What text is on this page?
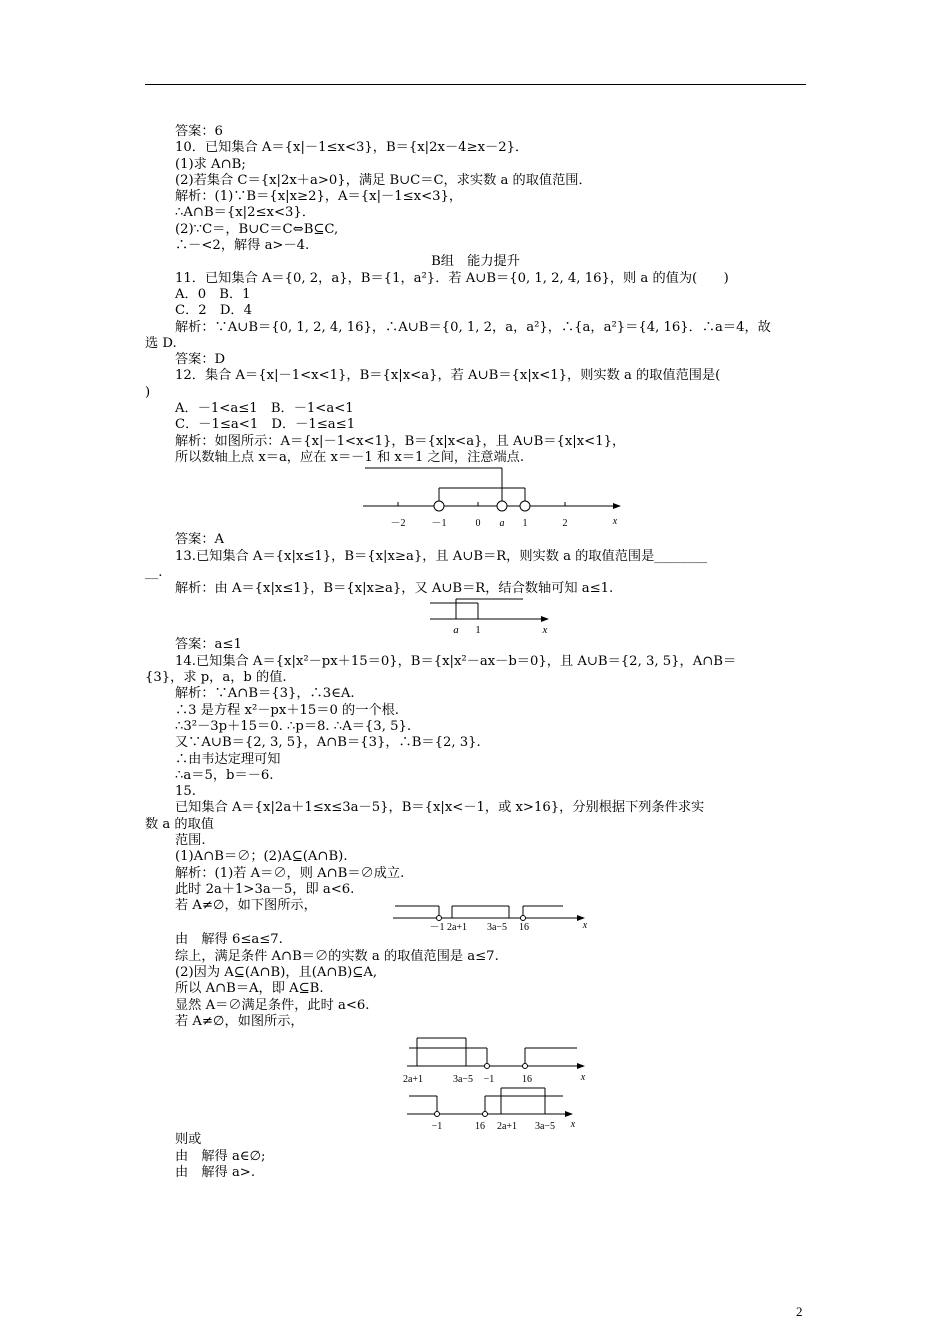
答案：6
10．已知集合 A＝{x|－1≤x<3}，B＝{x|2x－4≥x－2}．
(1)求 A∩B;
(2)若集合 C＝{x|2x＋a>0}，满足 B∪C＝C，求实数 a 的取值范围．
解析：(1)∵B＝{x|x≥2}，A＝{x|－1≤x<3}，
∴A∩B＝{x|2≤x<3}．
(2)∵C＝，B∪C＝C⇔B⊆C,
∴－<2，解得 a>－4.
B组　能力提升
11．已知集合 A＝{0, 2，a}，B＝{1，a²}．若 A∪B＝{0, 1, 2, 4, 16}，则 a 的值为(　　)
A．0　B．1
C．2　D．4
解析：∵A∪B＝{0, 1, 2, 4, 16}，∴A∪B＝{0, 1, 2，a，a²}，∴{a，a²}＝{4, 16}．∴a＝4，故
选 D.
答案：D
12．集合 A＝{x|－1<x<1}，B＝{x|x<a}，若 A∪B＝{x|x<1}，则实数 a 的取值范围是(
)
A．－1<a≤1　B．－1<a<1
C．－1≤a<1　D．－1≤a≤1
解析：如图所示：A＝{x|－1<x<1}，B＝{x|x<a}，且 A∪B＝{x|x<1}，
所以数轴上点 x＝a，应在 x＝－1 和 x＝1 之间，注意端点.
－2	－1	0 a 1	2	x
答案：A
13.已知集合 A＝{x|x≤1}，B＝{x|x≥a}，且 A∪B＝R，则实数 a 的取值范围是________
__.
解析：由 A＝{x|x≤1}，B＝{x|x≥a}，又 A∪B＝R，结合数轴可知 a≤1.
a 1	x
答案：a≤1
14.已知集合 A＝{x|x²－px＋15＝0}，B＝{x|x²－ax－b＝0}，且 A∪B＝{2, 3, 5}，A∩B＝
{3}，求 p，a，b 的值.
解析：∵A∩B＝{3}，∴3∈A.
∴3 是方程 x²－px＋15＝0 的一个根.
∴3²－3p＋15＝0. ∴p＝8. ∴A＝{3, 5}.
又∵A∪B＝{2, 3, 5}，A∩B＝{3}，∴B＝{2, 3}.
∴由韦达定理可知
∴a＝5，b＝－6.
15.
已知集合 A＝{x|2a＋1≤x≤3a－5}，B＝{x|x<－1，或 x>16}，分别根据下列条件求实
数 a 的取值
范围.
(1)A∩B＝∅；(2)A⊆(A∩B).
解析：(1)若 A＝∅，则 A∩B＝∅成立.
此时 2a＋1>3a－5，即 a<6.
若 A≠∅，如下图所示，
－1 2a+1 3a−5 16	x
由　解得 6≤a≤7.
综上，满足条件 A∩B＝∅的实数 a 的取值范围是 a≤7.
(2)因为 A⊆(A∩B)，且(A∩B)⊆A,
所以 A∩B＝A，即 A⊆B.
显然 A＝∅满足条件，此时 a<6.
若 A≠∅，如图所示，
2a+1	3a−5 −1	16	x
−1	16 2a+1 3a−5 x
则或
由　解得 a∈∅;
由　解得 a>.
2
